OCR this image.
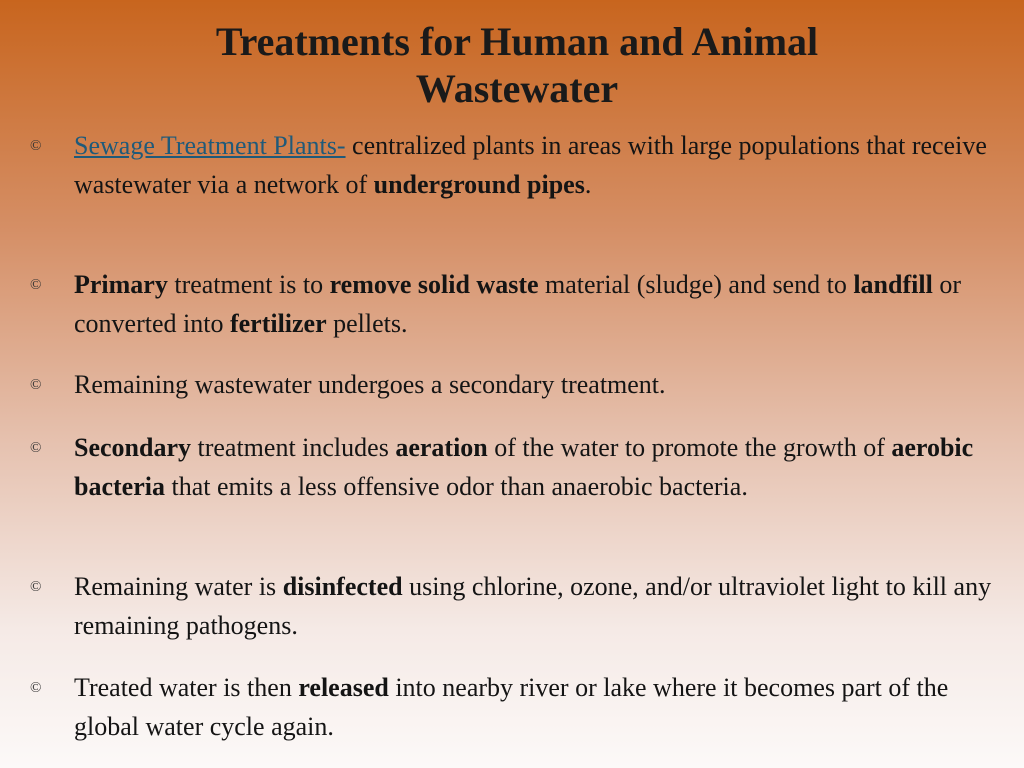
Treatments for Human and Animal
Wastewater
© Sewage Treatment Plants- centralized plants in areas with large populations that receive wastewater via a network of underground pipes.
© Primary treatment is to remove solid waste material (sludge) and send to landfill or converted into fertilizer pellets.
© Remaining wastewater undergoes a secondary treatment.
© Secondary treatment includes aeration of the water to promote the growth of aerobic bacteria that emits a less offensive odor than anaerobic bacteria.
© Remaining water is disinfected using chlorine, ozone, and/or ultraviolet light to kill any remaining pathogens.
© Treated water is then released into nearby river or lake where it becomes part of the global water cycle again.
